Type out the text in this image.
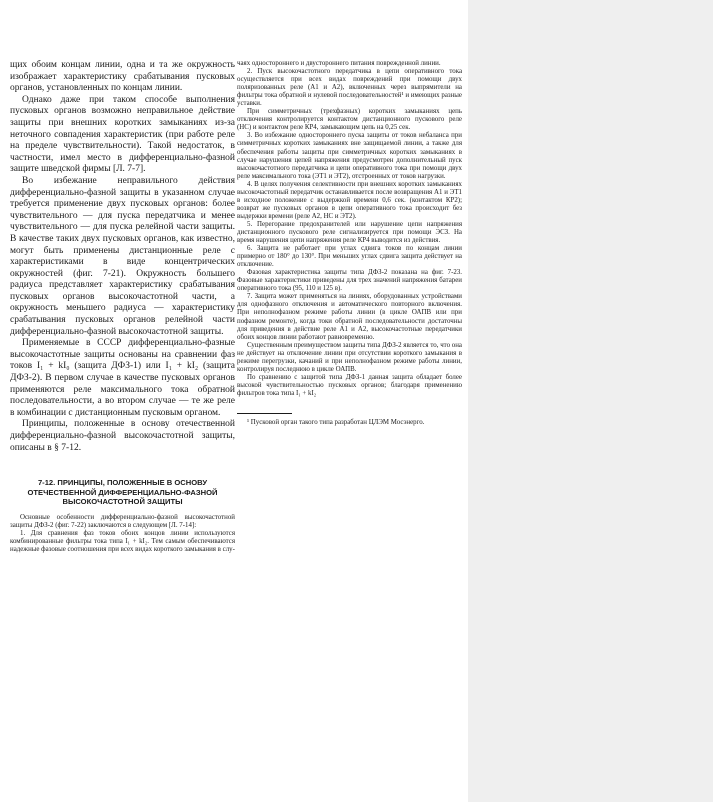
щих обоим концам линии, одна и та же окружность изображает характеристику срабатывания пусковых органов, установленных по концам линии.

Однако даже при таком способе выполнения пусковых органов возможно неправильное действие защиты при внешних коротких замыканиях из-за неточного совпадения характеристик (при работе реле на пределе чувствительности). Такой недостаток, в частности, имел место в дифференциально-фазной защите шведской фирмы [Л. 7-7].

Во избежание неправильного действия дифференциально-фазной защиты в указанном случае требуется применение двух пусковых органов: более чувствительного — для пуска передатчика и менее чувствительного — для пуска релейной части защиты. В качестве таких двух пусковых органов, как известно, могут быть применены дистанционные реле с характеристиками в виде концентрических окружностей (фиг. 7-21). Окружность большего радиуса представляет характеристику срабатывания пусковых органов высокочастотной части, а окружность меньшего радиуса — характеристику срабатывания пусковых органов релейной части дифференциально-фазной высокочастотной защиты.

Применяемые в СССР дифференциально-фазные высокочастотные защиты основаны на сравнении фаз токов I₁ + kI₀ (защита ДФЗ-1) или I₁ + kI₂ (защита ДФЗ-2). В первом случае в качестве пусковых органов применяются реле максимального тока обратной последовательности, а во втором случае — те же реле в комбинации с дистанционным пусковым органом.

Принципы, положенные в основу отечественной дифференциально-фазной высокочастотной защиты, описаны в § 7-12.

7-12. ПРИНЦИПЫ, ПОЛОЖЕННЫЕ В ОСНОВУ ОТЕЧЕСТВЕННОЙ ДИФФЕРЕНЦИАЛЬНО-ФАЗНОЙ ВЫСОКОЧАСТОТНОЙ ЗАЩИТЫ

Основные особенности дифференциально-фазной высокочастотной защиты ДФЗ-2 (фиг. 7-22) заключаются в следующем [Л. 7-14]:

1. Для сравнения фаз токов обоих концов линии используются комбинированные фильтры тока типа I₁ + kI₂. Тем самым обеспечиваются надежные фазовые соотношения при всех видах короткого замыкания в слу-

чаях одностороннего и двустороннего питания поврежденной линии.

2. Пуск высокочастотного передатчика в цепи оперативного тока осуществляется при всех видах повреждений при помощи двух поляризованных реле (А1 и А2), включенных через выпрямители на фильтры тока обратной и нулевой последовательностей¹ и имеющих разные уставки.

При симметричных (трехфазных) коротких замыканиях цепь отключения контролируется контактом дистанционного пускового реле (НС) и контактом реле КР4, замыкающим цепь на 0,25 сек.

3. Во избежание одностороннего пуска защиты от токов небаланса при симметричных коротких замыканиях вне защищаемой линии, а также для обеспечения работы защиты при симметричных коротких замыканиях в случае нарушения цепей напряжения предусмотрен дополнительный пуск высокочастотного передатчика и цепи оперативного тока при помощи двух реле максимального тока (ЭТ1 и ЭТ2), отстроенных от токов нагрузки.

4. В целях получения селективности при внешних коротких замыканиях высокочастотный передатчик останавливается после возвращения А1 и ЭТ1 в исходное положение с выдержкой времени 0,6 сек. (контактом КР2); возврат же пусковых органов в цепи оперативного тока происходит без выдержки времени (реле А2, НС и ЭТ2).

5. Перегорание предохранителей или нарушение цепи напряжения дистанционного пускового реле сигнализируется при помощи ЭСЗ. На время нарушения цепи напряжения реле КР4 выводится из действия.

6. Защита не работает при углах сдвига токов по концам линии примерно от 180° до 130°. При меньших углах сдвига защита действует на отключение.

Фазовая характеристика защиты типа ДФЗ-2 показана на фиг. 7-23. Фазовые характеристики приведены для трех значений напряжения батареи оперативного тока (95, 110 и 125 в).

7. Защита может применяться на линиях, оборудованных устройствами для однофазного отключения и автоматического повторного включения. При неполнофазном режиме работы линии (в цикле ОАПВ или при пофазном ремонте), когда токи обратной последовательности достаточны для приведения в действие реле А1 и А2, высокочастотные передатчики обоих концов линии работают равновременно.

Существенным преимуществом защиты типа ДФЗ-2 является то, что она не действует на отключение линии при отсутствии короткого замыкания в режиме перегрузки, качаний и при неполнофазном режиме работы линии, контролируя последнюю в цикле ОАПВ.

По сравнению с защитой типа ДФЗ-1 данная защита обладает более высокой чувствительностью пусковых органов; благодаря применению фильтров тока типа I₁ + kI₂

¹ Пусковой орган такого типа разработан ЦЛЭМ Мосэнерго.
